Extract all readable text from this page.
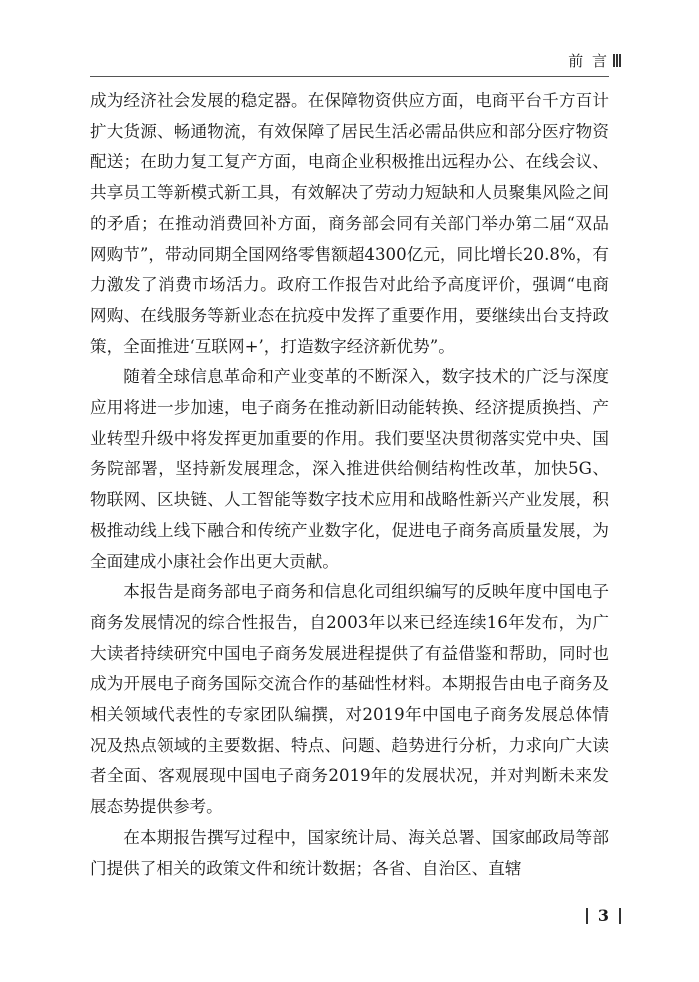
前 言

成为经济社会发展的稳定器。在保障物资供应方面，电商平台千方百计扩大货源、畅通物流，有效保障了居民生活必需品供应和部分医疗物资配送；在助力复工复产方面，电商企业积极推出远程办公、在线会议、共享员工等新模式新工具，有效解决了劳动力短缺和人员聚集风险之间的矛盾；在推动消费回补方面，商务部会同有关部门举办第二届“双品网购节”，带动同期全国网络零售额超4300亿元，同比增长20.8%，有力激发了消费市场活力。政府工作报告对此给予高度评价，强调“电商网购、在线服务等新业态在抗疫中发挥了重要作用，要继续出台支持政策，全面推进‘互联网+’，打造数字经济新优势”。

随着全球信息革命和产业变革的不断深入，数字技术的广泛与深度应用将进一步加速，电子商务在推动新旧动能转换、经济提质换挡、产业转型升级中将发挥更加重要的作用。我们要坚决贯彻落实党中央、国务院部署，坚持新发展理念，深入推进供给侧结构性改革，加快5G、物联网、区块链、人工智能等数字技术应用和战略性新兴产业发展，积极推动线上线下融合和传统产业数字化，促进电子商务高质量发展，为全面建成小康社会作出更大贡献。

本报告是商务部电子商务和信息化司组织编写的反映年度中国电子商务发展情况的综合性报告，自2003年以来已经连续16年发布，为广大读者持续研究中国电子商务发展进程提供了有益借鉴和帮助，同时也成为开展电子商务国际交流合作的基础性材料。本期报告由电子商务及相关领域代表性的专家团队编撰，对2019年中国电子商务发展总体情况及热点领域的主要数据、特点、问题、趋势进行分析，力求向广大读者全面、客观展现中国电子商务2019年的发展状况，并对判断未来发展态势提供参考。

在本期报告撰写过程中，国家统计局、海关总署、国家邮政局等部门提供了相关的政策文件和统计数据；各省、自治区、直辖

3
